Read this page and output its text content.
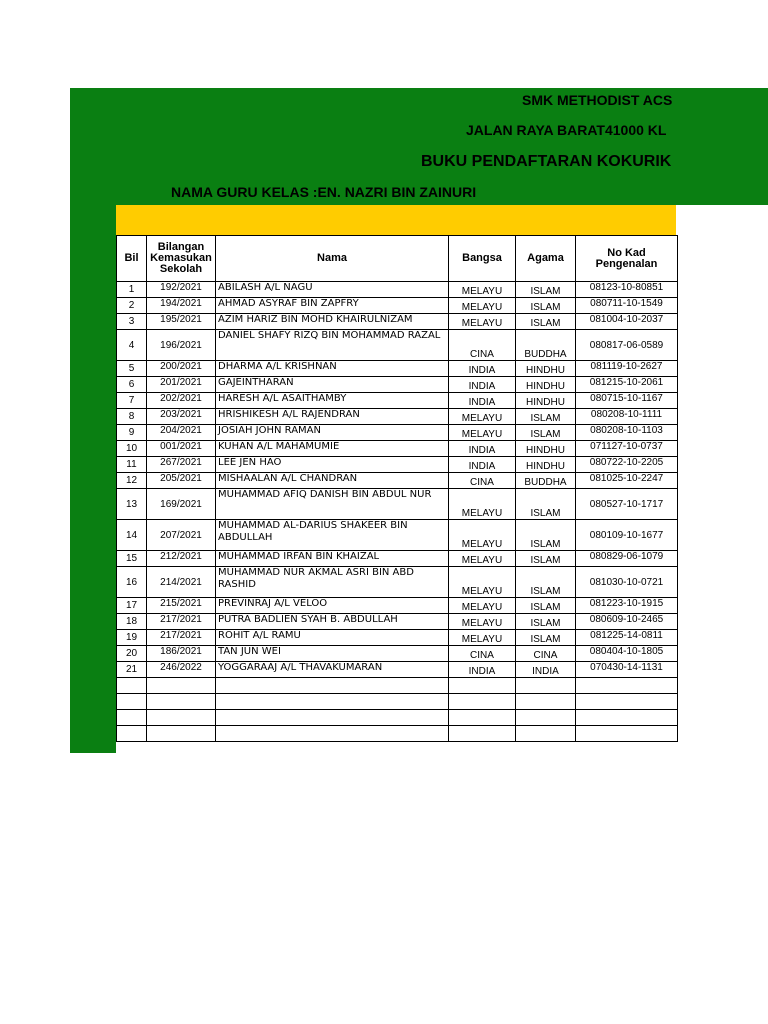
SMK METHODIST ACS
JALAN RAYA BARAT41000 KL
BUKU PENDAFTARAN KOKURIK
NAMA GURU KELAS :EN. NAZRI BIN ZAINURI
Bil	Bilangan Kemasukan Sekolah	Nama	Bangsa	Agama	No Kad Pengenalan
1	192/2021	ABILASH A/L NAGU	MELAYU	ISLAM	08123-10-80851
2	194/2021	AHMAD ASYRAF BIN ZAPFRY	MELAYU	ISLAM	080711-10-1549
3	195/2021	AZIM HARIZ BIN MOHD KHAIRULNIZAM	MELAYU	ISLAM	081004-10-2037
4	196/2021	DANIEL SHAFY RIZQ BIN MOHAMMAD RAZAL	CINA	BUDDHA	080817-06-0589
5	200/2021	DHARMA A/L KRISHNAN	INDIA	HINDHU	081119-10-2627
6	201/2021	GAJEINTHARAN	INDIA	HINDHU	081215-10-2061
7	202/2021	HARESH A/L ASAITHAMBY	INDIA	HINDHU	080715-10-1167
8	203/2021	HRISHIKESH A/L RAJENDRAN	MELAYU	ISLAM	080208-10-1111
9	204/2021	JOSIAH JOHN RAMAN	MELAYU	ISLAM	080208-10-1103
10	001/2021	KUHAN A/L MAHAMUMIE	INDIA	HINDHU	071127-10-0737
11	267/2021	LEE JEN HAO	INDIA	HINDHU	080722-10-2205
12	205/2021	MISHAALAN A/L CHANDRAN	CINA	BUDDHA	081025-10-2247
13	169/2021	MUHAMMAD AFIQ DANISH BIN ABDUL NUR	MELAYU	ISLAM	080527-10-1717
14	207/2021	MUHAMMAD AL-DARIUS SHAKEER BIN ABDULLAH	MELAYU	ISLAM	080109-10-1677
15	212/2021	MUHAMMAD IRFAN BIN KHAIZAL	MELAYU	ISLAM	080829-06-1079
16	214/2021	MUHAMMAD NUR AKMAL ASRI BIN ABD RASHID	MELAYU	ISLAM	081030-10-0721
17	215/2021	PREVINRAJ A/L VELOO	MELAYU	ISLAM	081223-10-1915
18	217/2021	PUTRA BADLIEN SYAH B. ABDULLAH	MELAYU	ISLAM	080609-10-2465
19	217/2021	ROHIT A/L RAMU	MELAYU	ISLAM	081225-14-0811
20	186/2021	TAN JUN WEI	CINA	CINA	080404-10-1805
21	246/2022	YOGGARAAJ A/L THAVAKUMARAN	INDIA	INDIA	070430-14-1131
